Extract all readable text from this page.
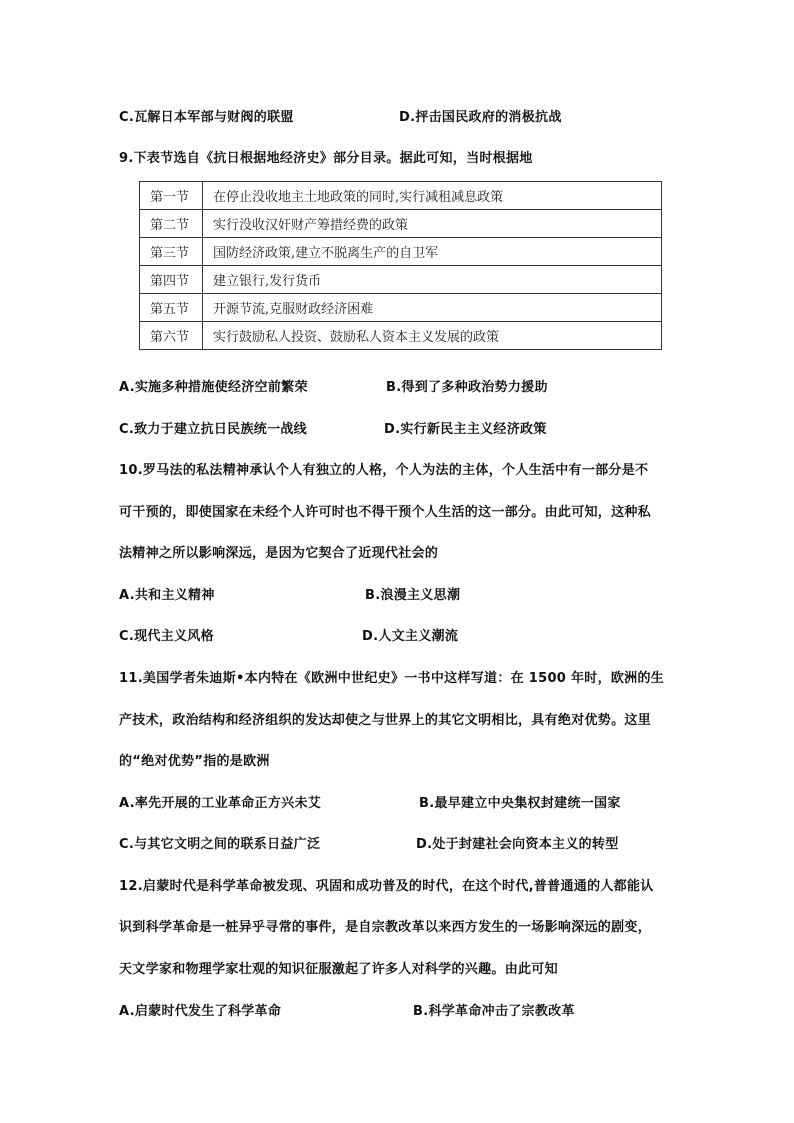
C.瓦解日本军部与财阀的联盟	D.抨击国民政府的消极抗战
9.下表节选自《抗日根据地经济史》部分目录。据此可知，当时根据地
第一节	在停止没收地主土地政策的同时,实行减租减息政策
第二节	实行没收汉奸财产筹措经费的政策
第三节	国防经济政策,建立不脱离生产的自卫军
第四节	建立银行,发行货币
第五节	开源节流,克服财政经济困难
第六节	实行鼓励私人投资、鼓励私人资本主义发展的政策
A.实施多种措施使经济空前繁荣	B.得到了多种政治势力援助
C.致力于建立抗日民族统一战线	D.实行新民主主义经济政策
10.罗马法的私法精神承认个人有独立的人格，个人为法的主体，个人生活中有一部分是不
可干预的，即使国家在未经个人许可时也不得干预个人生活的这一部分。由此可知，这种私
法精神之所以影响深远，是因为它契合了近现代社会的
A.共和主义精神	B.浪漫主义思潮
C.现代主义风格	D.人文主义潮流
11.美国学者朱迪斯•本内特在《欧洲中世纪史》一书中这样写道：在 1500 年时，欧洲的生
产技术，政治结构和经济组织的发达却使之与世界上的其它文明相比，具有绝对优势。这里
的“绝对优势”指的是欧洲
A.率先开展的工业革命正方兴未艾	B.最早建立中央集权封建统一国家
C.与其它文明之间的联系日益广泛	D.处于封建社会向资本主义的转型
12.启蒙时代是科学革命被发现、巩固和成功普及的时代，在这个时代,普普通通的人都能认
识到科学革命是一桩异乎寻常的事件，是自宗教改革以来西方发生的一场影响深远的剧变，
天文学家和物理学家壮观的知识征服激起了许多人对科学的兴趣。由此可知
A.启蒙时代发生了科学革命	B.科学革命冲击了宗教改革
